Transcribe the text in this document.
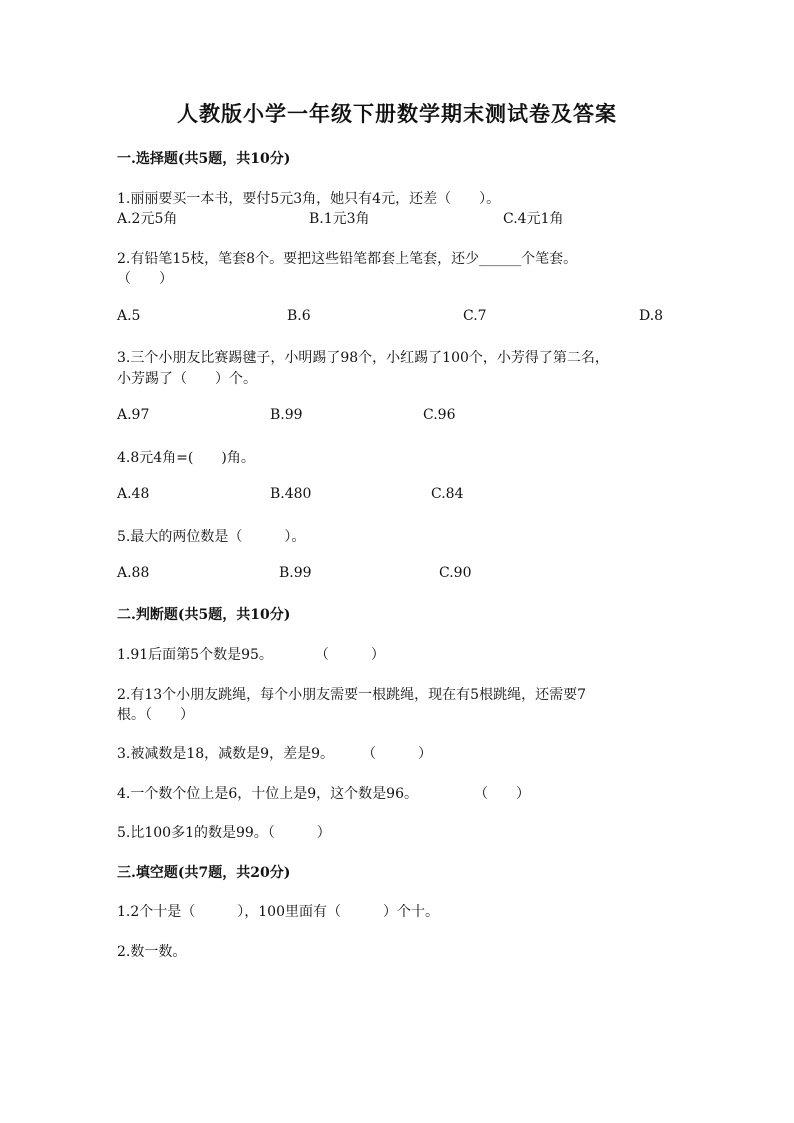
人教版小学一年级下册数学期末测试卷及答案
一.选择题(共5题，共10分)
1.丽丽要买一本书，要付5元3角，她只有4元，还差（　　）。
A.2元5角	B.1元3角	C.4元1角
2.有铅笔15枝，笔套8个。要把这些铅笔都套上笔套，还少______个笔套。
（　　）
A.5	B.6	C.7	D.8
3.三个小朋友比赛踢毽子，小明踢了98个，小红踢了100个，小芳得了第二名，
小芳踢了（　　）个。
A.97	B.99	C.96
4.8元4角=(　　)角。
A.48	B.480	C.84
5.最大的两位数是（　　　）。
A.88	B.99	C.90
二.判断题(共5题，共10分)
1.91后面第5个数是95。　　　　（　　　）
2.有13个小朋友跳绳，每个小朋友需要一根跳绳，现在有5根跳绳，还需要7
根。（　　）
3.被减数是18，减数是9，差是9。　　　（　　　）
4.一个数个位上是6，十位上是9，这个数是96。　　　　　（　　）
5.比100多1的数是99。（　　　）
三.填空题(共7题，共20分)
1.2个十是（　　　），100里面有（　　　）个十。
2.数一数。
